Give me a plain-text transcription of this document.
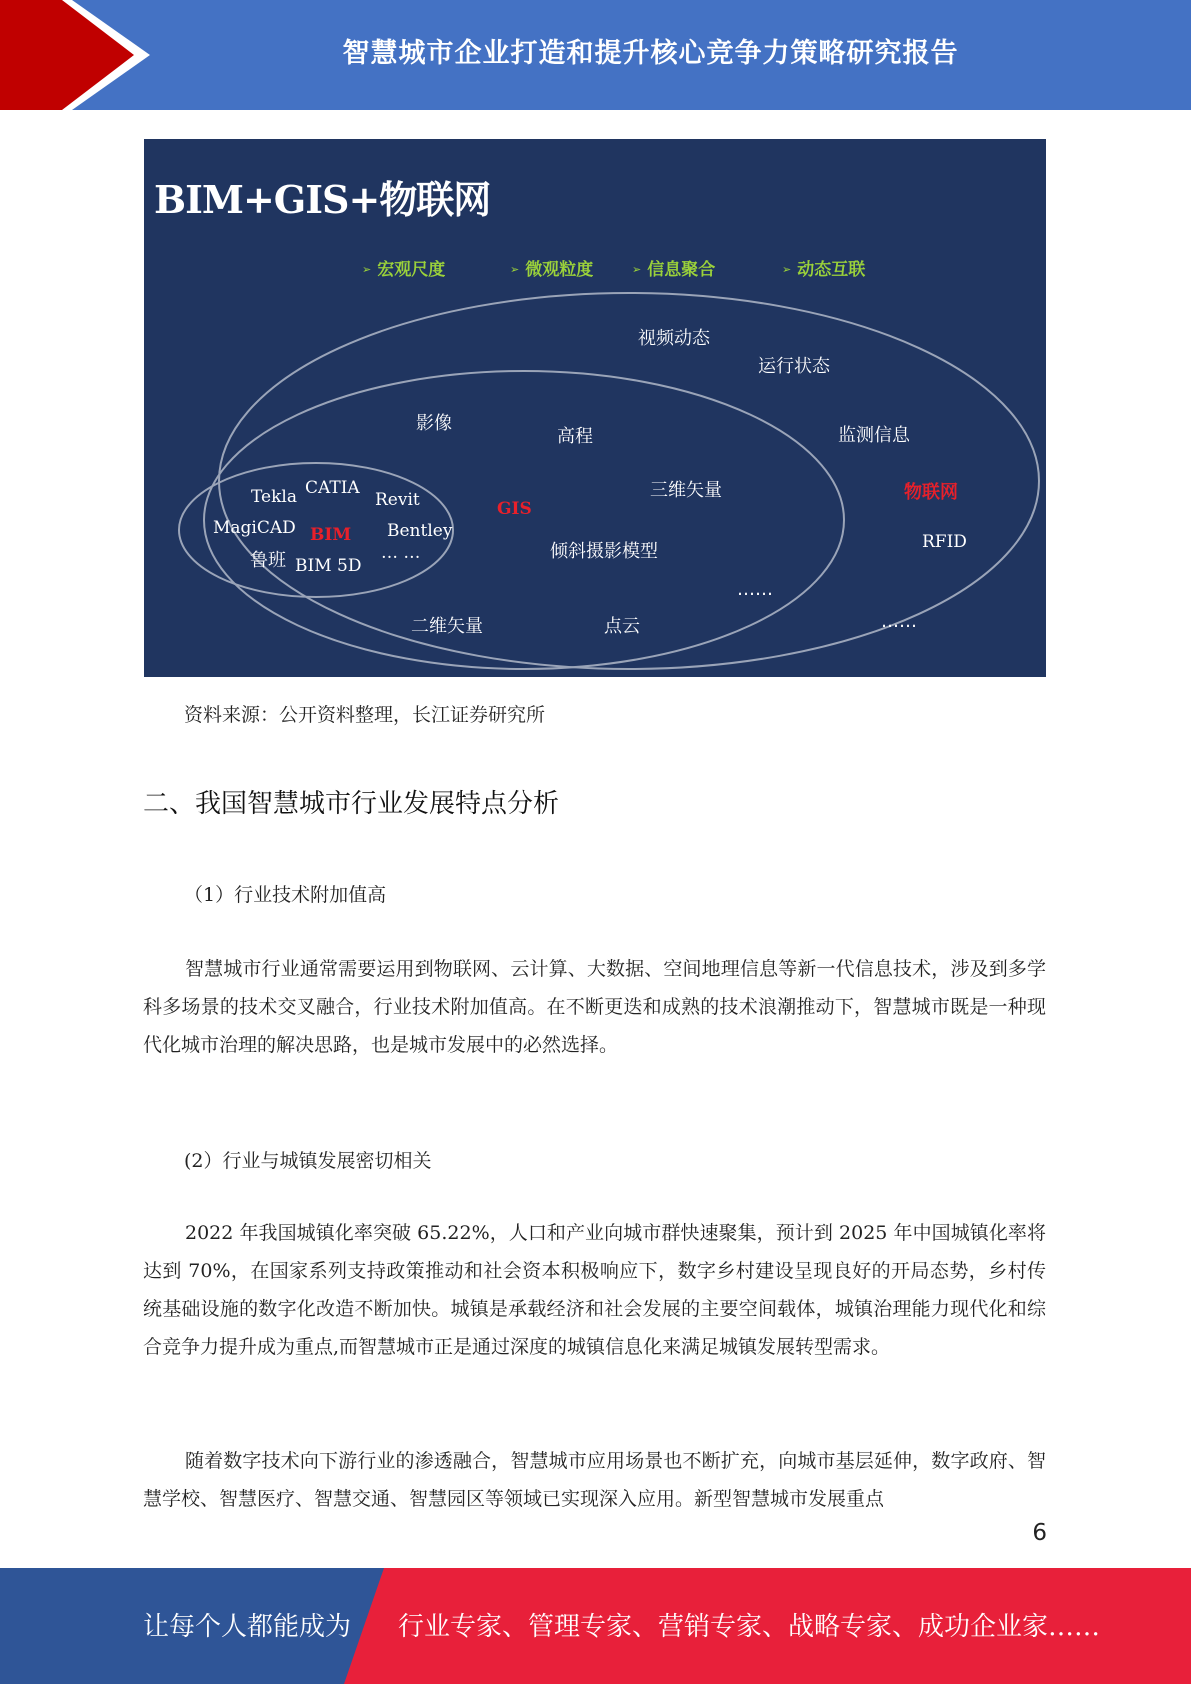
智慧城市企业打造和提升核心竞争力策略研究报告
BIM+GIS+物联网
➢ 宏观尺度	➢ 微观粒度	➢ 信息聚合	➢ 动态互联
视频动态
运行状态
监测信息
物联网
RFID
……
影像
高程
三维矢量
GIS
倾斜摄影模型
二维矢量	点云
……
Tekla CATIA
Revit
MagiCAD BIM Bentley
鲁班 BIM 5D
… …
资料来源：公开资料整理，长江证券研究所
二、我国智慧城市行业发展特点分析
（1）行业技术附加值高

智慧城市行业通常需要运用到物联网、云计算、大数据、空间地理信息等新一代信息技术，涉及到多学科多场景的技术交叉融合，行业技术附加值高。在不断更迭和成熟的技术浪潮推动下，智慧城市既是一种现代化城市治理的解决思路，也是城市发展中的必然选择。

(2）行业与城镇发展密切相关

2022 年我国城镇化率突破 65.22%，人口和产业向城市群快速聚集，预计到 2025 年中国城镇化率将达到 70%，在国家系列支持政策推动和社会资本积极响应下，数字乡村建设呈现良好的开局态势，乡村传统基础设施的数字化改造不断加快。城镇是承载经济和社会发展的主要空间载体，城镇治理能力现代化和综合竞争力提升成为重点,而智慧城市正是通过深度的城镇信息化来满足城镇发展转型需求。

随着数字技术向下游行业的渗透融合，智慧城市应用场景也不断扩充，向城市基层延伸，数字政府、智慧学校、智慧医疗、智慧交通、智慧园区等领域已实现深入应用。新型智慧城市发展重点

6
让每个人都能成为 行业专家、管理专家、营销专家、战略专家、成功企业家……
